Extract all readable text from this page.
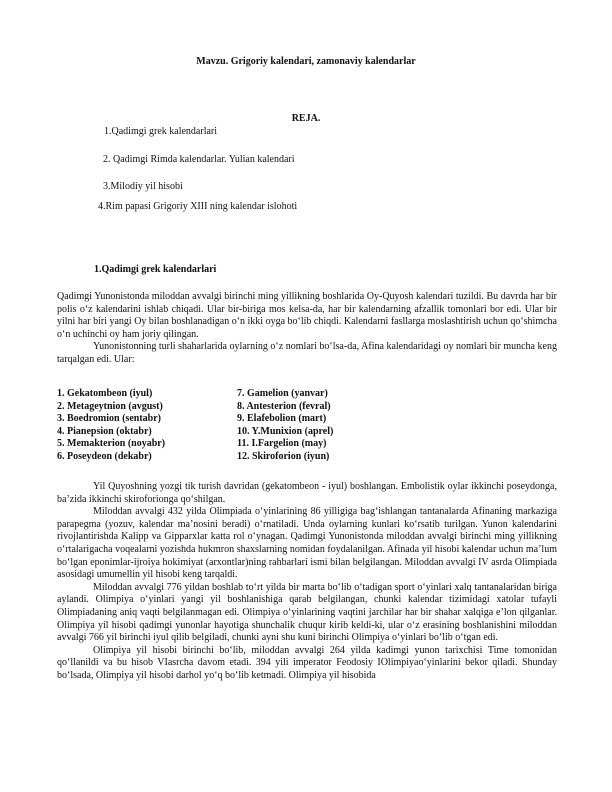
Mavzu. Grigoriy kalendari, zamonaviy kalendarlar
REJA.
1.Qadimgi grek kalendarlari
2. Qadimgi Rimda kalendarlar. Yulian kalendari
3.Milodiy yil hisobi
4.Rim papasi Grigoriy XIII ning kalendar islohoti
1.Qadimgi grek kalendarlari

Qadimgi Yunonistonda miloddan avvalgi birinchi ming yillikning boshlarida Oy-Quyosh kalendari tuzildi. Bu davrda har bir polis o‘z kalendarini ishlab chiqadi. Ular bir-biriga mos kelsa-da, har bir kalendarning afzallik tomonlari bor edi. Ular bir yilni har biri yangi Oy bilan boshlanadigan o‘n ikki oyga bo‘lib chiqdi. Kalendarni fasllarga moslashtirish uchun qo‘shimcha o‘n uchinchi oy ham joriy qilingan.

Yunonistonning turli shaharlarida oylarning o‘z nomlari bo‘lsa-da, Afina kalendaridagi oy nomlari bir muncha keng tarqalgan edi. Ular:

1. Gekatombeon (iyul)	7. Gamelion (yanvar)
2. Metageytnion (avgust)	8. Antesterion (fevral)
3. Boedromion (sentabr)	9. Elafebolion (mart)
4. Pianepsion (oktabr)	10. Y.Munixion (aprel)
5. Memakterion (noyabr)	11. I.Fargelion (may)
6. Poseydeon (dekabr)	12. Skiroforion (iyun)

Yil Quyoshning yozgi tik turish davridan (gekatombeon - iyul) boshlangan. Embolistik oylar ikkinchi poseydonga, ba’zida ikkinchi skiroforionga qo‘shilgan.

Miloddan avvalgi 432 yilda Olimpiada o‘yinlarining 86 yilligiga bag‘ishlangan tantanalarda Afinaning markaziga parapegma (yozuv, kalendar ma’nosini beradi) o‘rnatiladi. Unda oylarning kunlari ko‘rsatib turilgan. Yunon kalendarini rivojlantirishda Kalipp va Gipparxlar katta rol o‘ynagan. Qadimgi Yunonistonda miloddan avvalgi birinchi ming yillikning o‘rtalarigacha voqealarni yozishda hukmron shaxslarning nomidan foydalanilgan. Afinada yil hisobi kalendar uchun ma’lum bo‘lgan eponimlar-ijroiya hokimiyat (arxontlar)ning rahbarlari ismi bilan belgilangan. Miloddan avvalgi IV asrda Olimpiada asosidagi umumellin yil hisobi keng tarqaldi.

Miloddan avvalgi 776 yildan boshlab to‘rt yilda bir marta bo‘lib o‘tadigan sport o‘yinlari xalq tantanalaridan biriga aylandi. Olimpiya o‘yinlari yangi yil boshlanishiga qarab belgilangan, chunki kalendar tizimidagi xatolar tufayli Olimpiadaning aniq vaqti belgilanmagan edi. Olimpiya o‘yinlarining vaqtini jarchilar har bir shahar xalqiga e’lon qilganlar. Olimpiya yil hisobi qadimgi yunonlar hayotiga shunchalik chuqur kirib keldi-ki, ular o‘z erasining boshlanishini miloddan avvalgi 766 yil birinchi iyul qilib belgiladi, chunki ayni shu kuni birinchi Olimpiya o‘yinlari bo‘lib o‘tgan edi.

Olimpiya yil hisobi birinchi bo‘lib, miloddan avvalgi 264 yilda kadimgi yunon tarixchisi Time tomonidan qo‘llanildi va bu hisob VIasrcha davom etadi. 394 yili imperator Feodosiy IOlimpiyao‘yinlarini bekor qiladi. Shunday bo‘lsada, Olimpiya yil hisobi darhol yo‘q bo‘lib ketmadi. Olimpiya yil hisobida
